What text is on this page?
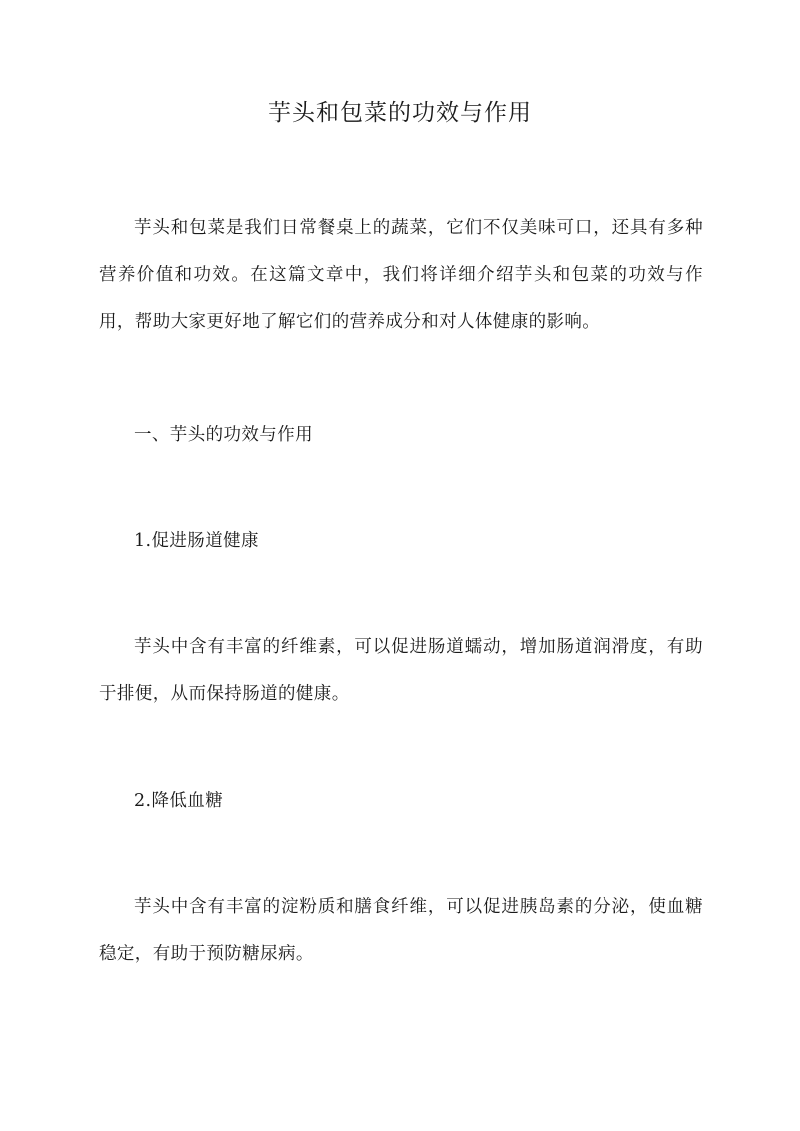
芋头和包菜的功效与作用

芋头和包菜是我们日常餐桌上的蔬菜，它们不仅美味可口，还具有多种营养价值和功效。在这篇文章中，我们将详细介绍芋头和包菜的功效与作用，帮助大家更好地了解它们的营养成分和对人体健康的影响。

一、芋头的功效与作用
1.促进肠道健康

芋头中含有丰富的纤维素，可以促进肠道蠕动，增加肠道润滑度，有助于排便，从而保持肠道的健康。

2.降低血糖

芋头中含有丰富的淀粉质和膳食纤维，可以促进胰岛素的分泌，使血糖稳定，有助于预防糖尿病。
